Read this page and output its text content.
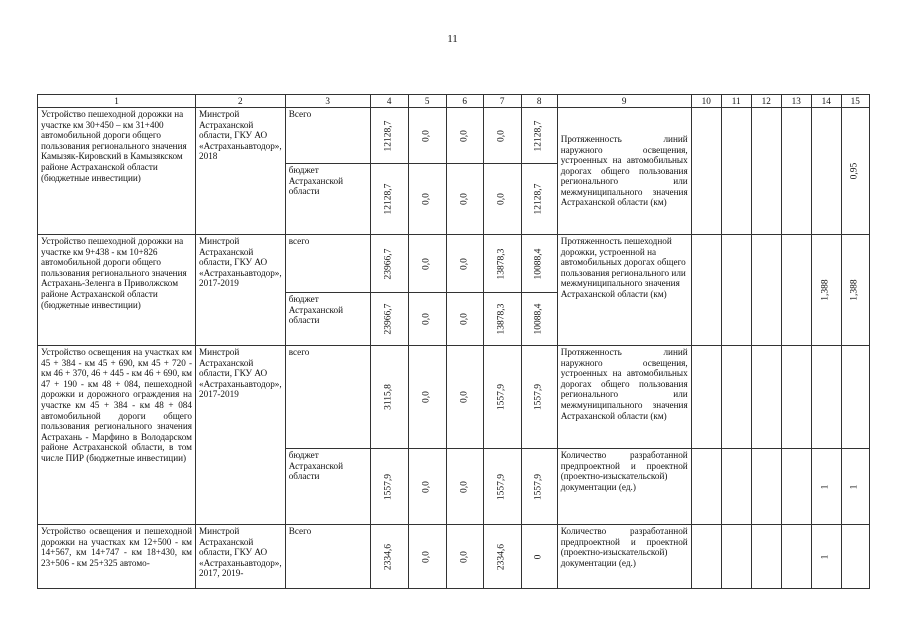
11
1	2	3	4	5	6	7	8	9	10	11	12	13	14	15
Устройство пешеходной дорожки на участке км 30+450 – км 31+400 автомобильной дороги общего пользования регионального значения Камызяк-Кировский в Камызякском районе Астраханской области (бюджетные инвестиции)	Минстрой Астраханской области, ГКУ АО «Астраханьавтодор», 2018	Всего	12128,7	0,0	0,0	0,0	12128,7	Протяженность линий наружного освещения, устроенных на автомобильных дорогах общего пользования регионального или межмуниципального значения Астраханской области (км)						0,95

		бюджет Астраханской области	12128,7	0,0	0,0	0,0	12128,7							

Устройство пешеходной дорожки на участке км 9+438 - км 10+826 автомобильной дороги общего пользования регионального значения Астрахань-Зеленга в Приволжском районе Астраханской области (бюджетные инвестиции)	Минстрой Астраханской области, ГКУ АО «Астраханьавтодор», 2017-2019	всего	23966,7	0,0	0,0	13878,3	10088,4	Протяженность пешеходной дорожки, устроенной на автомобильных дорогах общего пользования регионального или межмуниципального значения Астраханской области (км)					1,388	1,388

		бюджет Астраханской области	23966,7	0,0	0,0	13878,3	10088,4							

Устройство освещения на участках км 45 + 384 - км 45 + 690, км 45 + 720 - км 46 + 370, 46 + 445 - км 46 + 690, км 47 + 190 - км 48 + 084, пешеходной дорожки и дорожного ограждения на участке км 45 + 384 - км 48 + 084 автомобильной дороги общего пользования регионального значения Астрахань - Марфино в Володарском районе Астраханской области, в том числе ПИР (бюджетные инвестиции)	Минстрой Астраханской области, ГКУ АО «Астраханьавтодор», 2017-2019	всего	3115,8	0,0	0,0	1557,9	1557,9	Протяженность линий наружного освещения, устроенных на автомобильных дорогах общего пользования регионального или межмуниципального значения Астраханской области (км)						
		бюджет Астраханской области	1557,9	0,0	0,0	1557,9	1557,9	Количество разработанной предпроектной и проектной (проектно-изыскательской) документации (ед.)					1	1

Устройство освещения и пешеходной дорожки на участках км 12+500 - км 14+567, км 14+747 - км 18+430, км 23+506 - км 25+325 автомо-	Минстрой Астраханской области, ГКУ АО «Астраханьавтодор», 2017, 2019-	Всего	2334,6	0,0	0,0	2334,6	0	Количество разработанной предпроектной и проектной (проектно-изыскательской) документации (ед.)					1	
